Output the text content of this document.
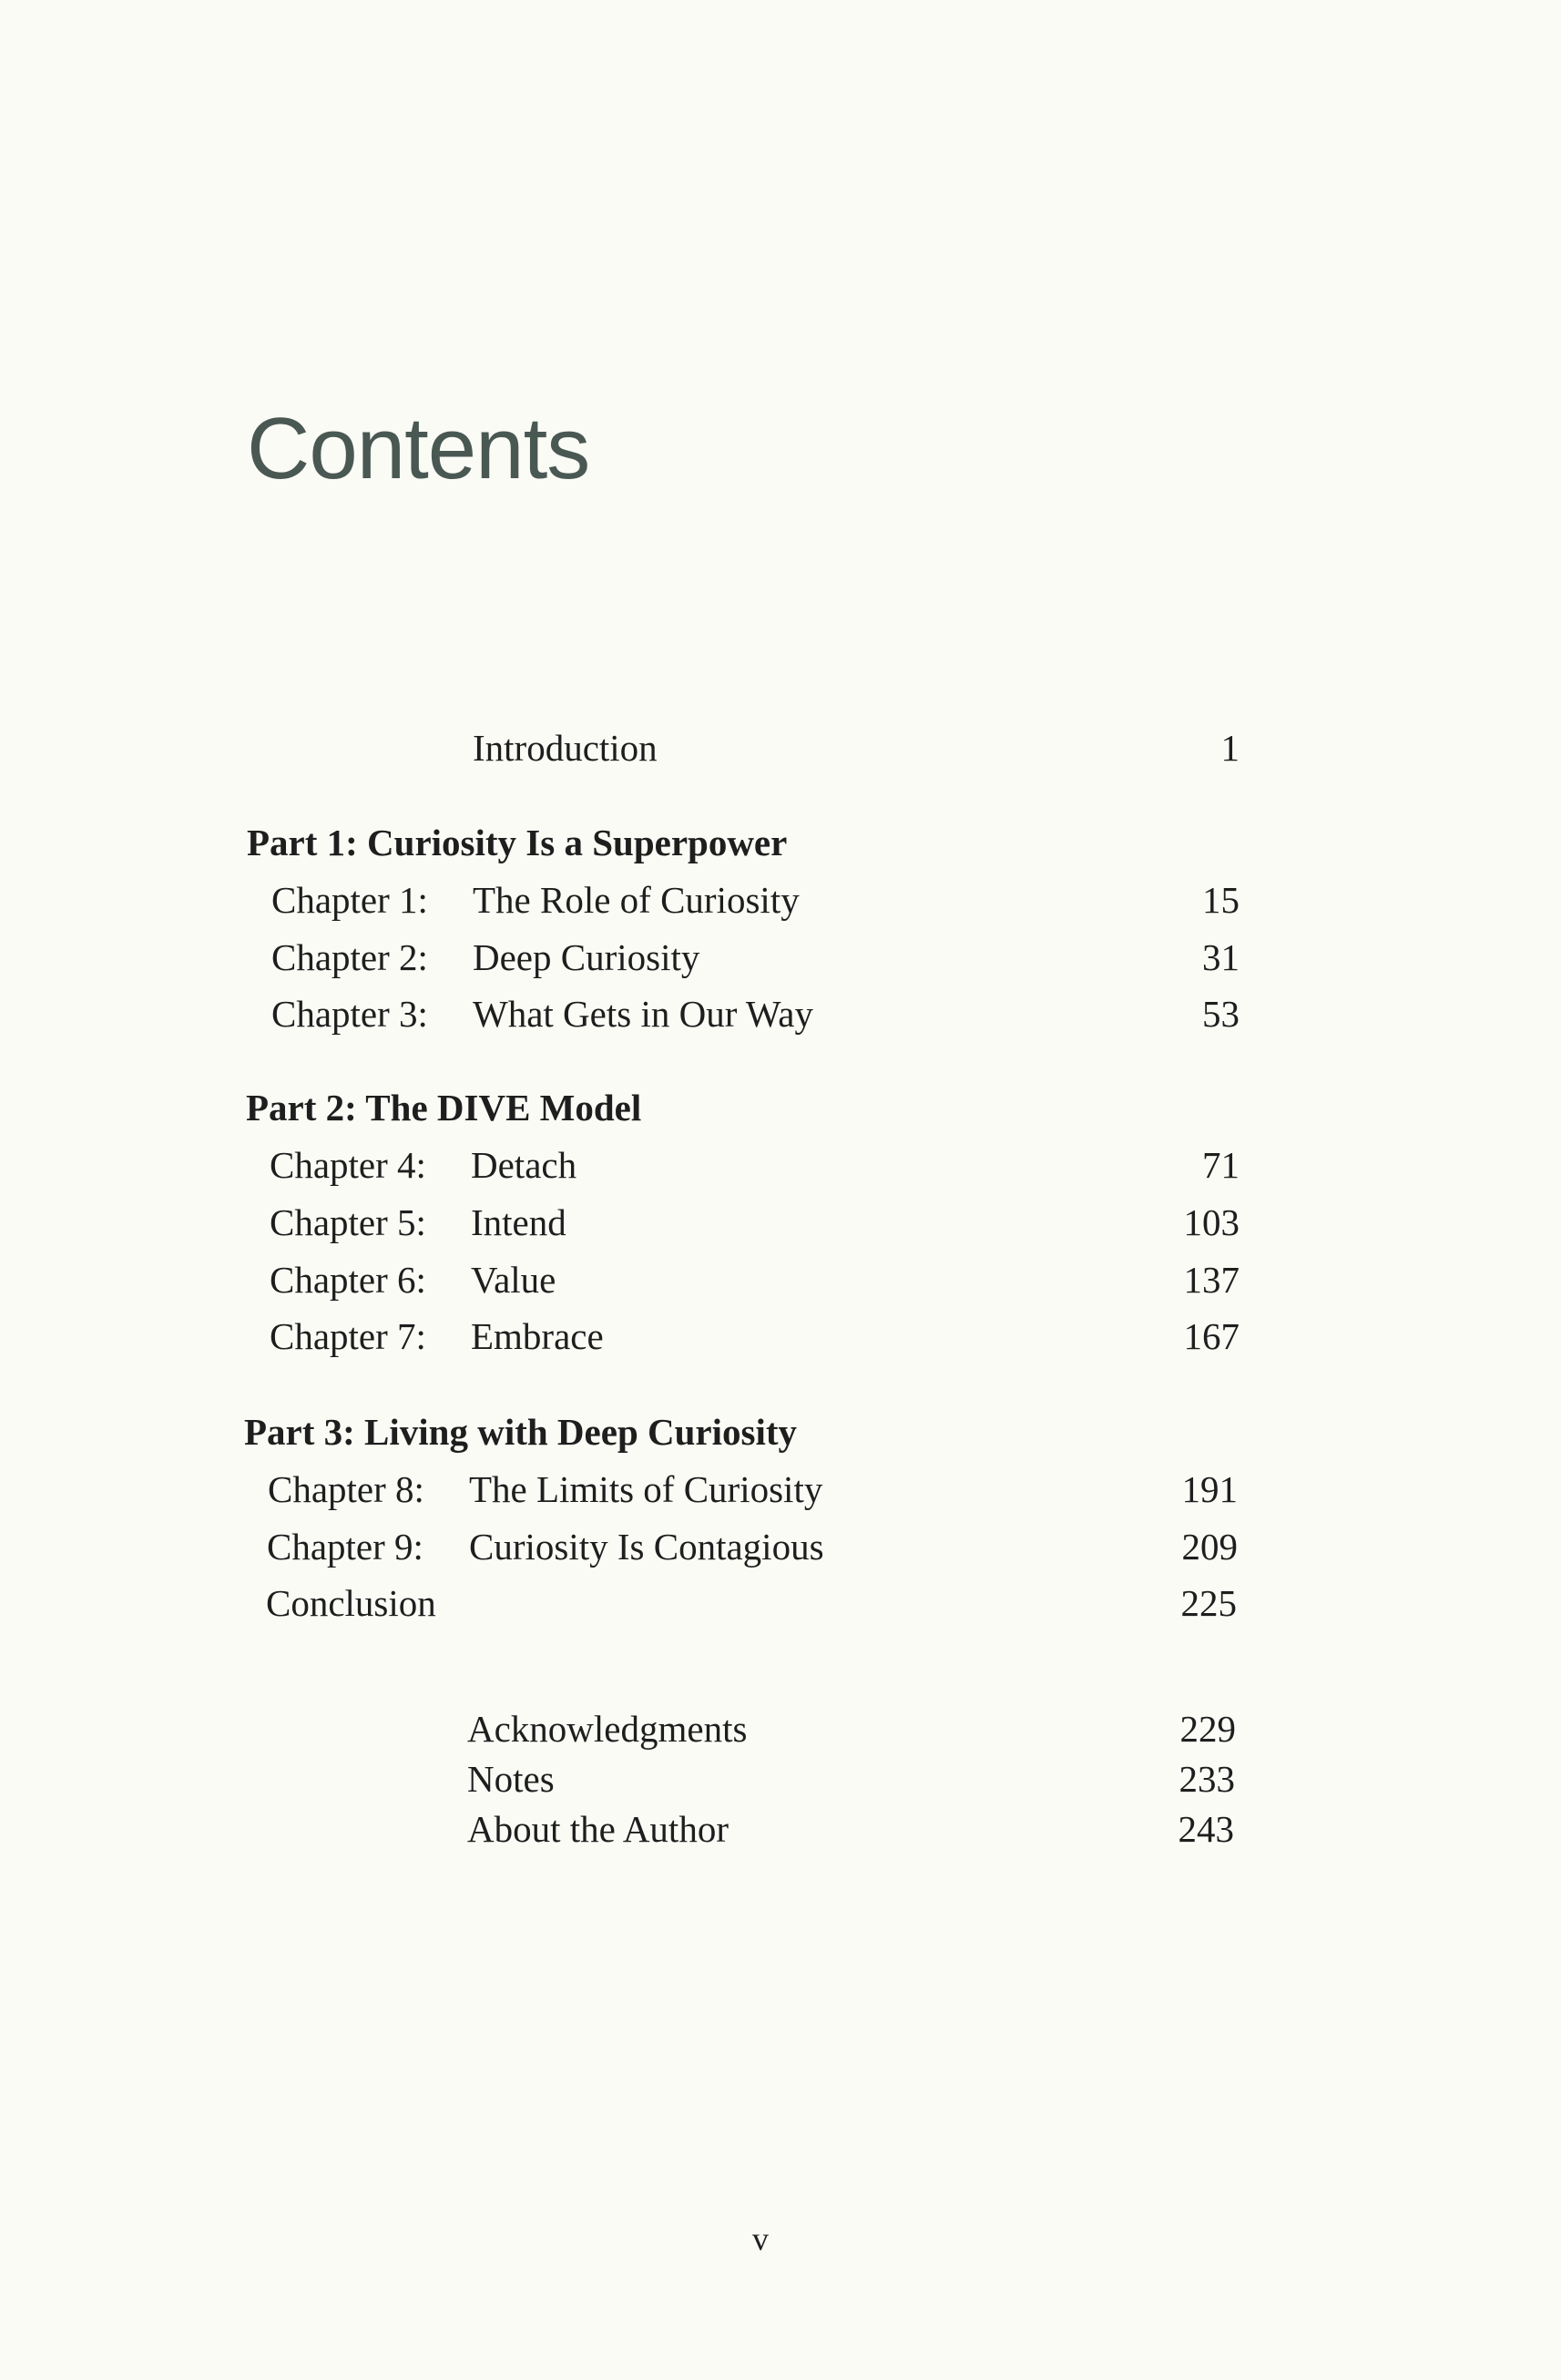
Contents
Introduction	1
Part 1: Curiosity Is a Superpower
Chapter 1: The Role of Curiosity	15
Chapter 2: Deep Curiosity	31
Chapter 3: What Gets in Our Way	53
Part 2: The DIVE Model
Chapter 4: Detach	71
Chapter 5: Intend	103
Chapter 6: Value	137
Chapter 7: Embrace	167
Part 3: Living with Deep Curiosity
Chapter 8: The Limits of Curiosity	191
Chapter 9: Curiosity Is Contagious	209
Conclusion	225
Acknowledgments	229
Notes	233
About the Author	243
v
